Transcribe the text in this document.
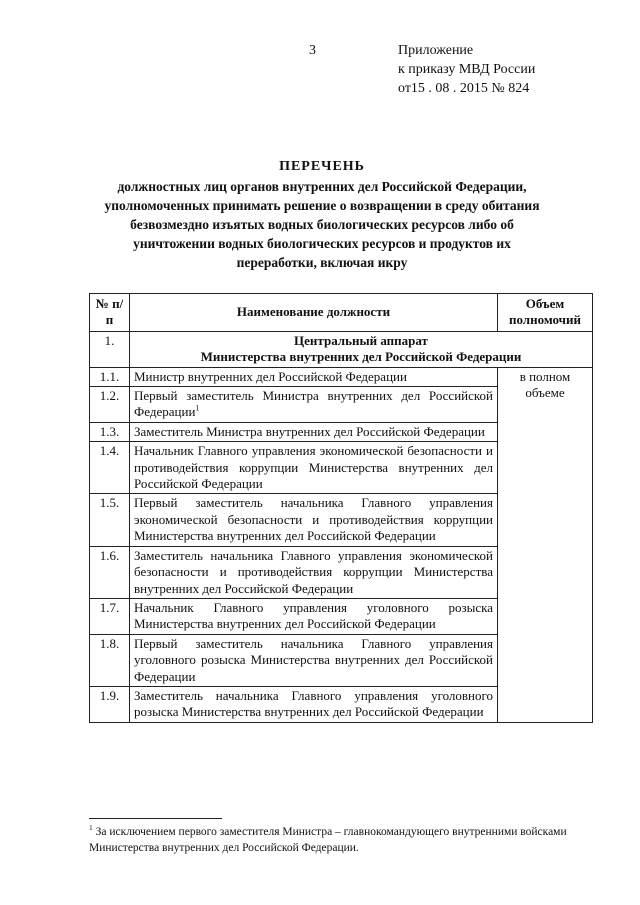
3	Приложение
к приказу МВД России
от15 . 08 . 2015 № 824
ПЕРЕЧЕНЬ
должностных лиц органов внутренних дел Российской Федерации,
уполномоченных принимать решение о возвращении в среду обитания
безвозмездно изъятых водных биологических ресурсов либо об
уничтожении водных биологических ресурсов и продуктов их
переработки, включая икру
№ п/п	Наименование должности	Объем полномочий
1.	Центральный аппарат
Министерства внутренних дел Российской Федерации	

1.1.	Министр внутренних дел Российской Федерации	в полном объеме
1.2.	Первый заместитель Министра внутренних дел Российской Федерации$^1$
1.3.	Заместитель Министра внутренних дел Российской Федерации	
1.4.	Начальник Главного управления экономической безопасности и противодействия коррупции Министерства внутренних дел Российской Федерации	
1.5.	Первый заместитель начальника Главного управления экономической безопасности и противодействия коррупции Министерства внутренних дел Российской Федерации	
1.6.	Заместитель начальника Главного управления экономической безопасности и противодействия коррупции Министерства внутренних дел Российской Федерации	
1.7.	Начальник Главного управления уголовного розыска Министерства внутренних дел Российской Федерации	
1.8.	Первый заместитель начальника Главного управления уголовного розыска Министерства внутренних дел Российской Федерации	
1.9.	Заместитель начальника Главного управления уголовного розыска Министерства внутренних дел Российской Федерации	
$^1$ За исключением первого заместителя Министра – главнокомандующего внутренними войсками Министерства внутренних дел Российской Федерации.
